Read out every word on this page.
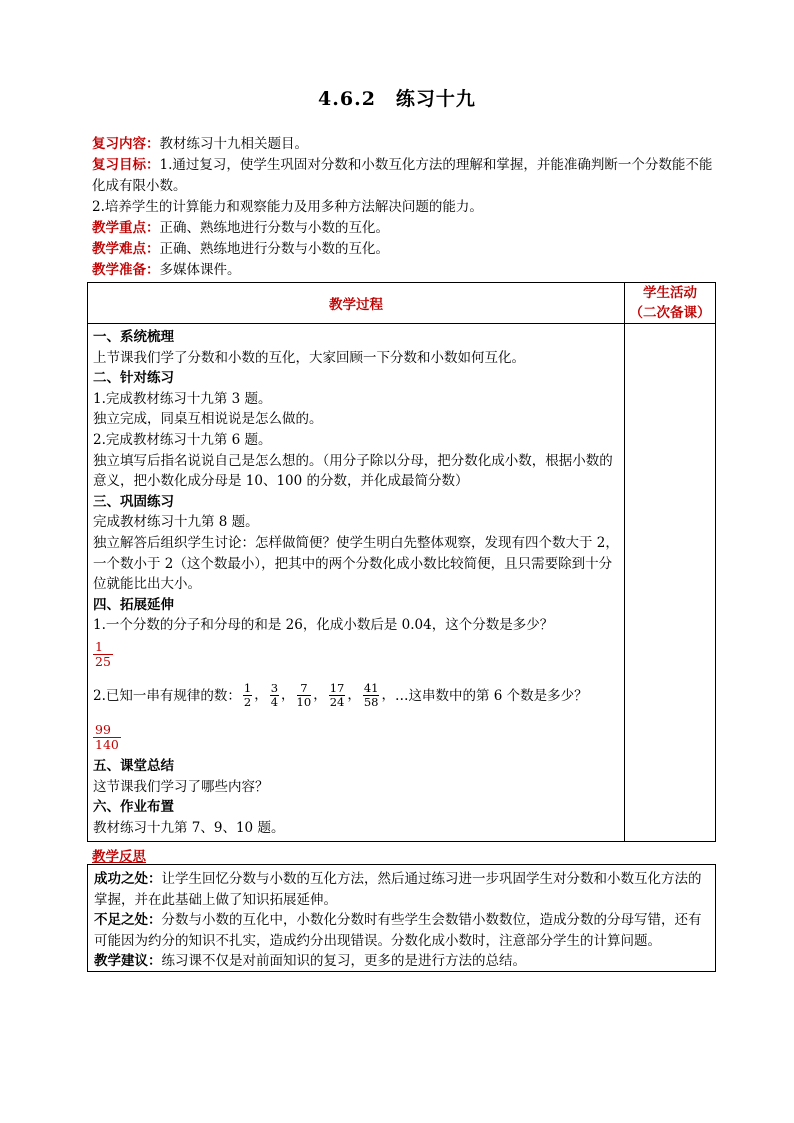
4.6.2　练习十九
复习内容：教材练习十九相关题目。
复习目标：1.通过复习，使学生巩固对分数和小数互化方法的理解和掌握，并能准确判断一个分数能不能化成有限小数。
2.培养学生的计算能力和观察能力及用多种方法解决问题的能力。
教学重点：正确、熟练地进行分数与小数的互化。
教学难点：正确、熟练地进行分数与小数的互化。
教学准备：多媒体课件。
教学过程
学生活动
（二次备课）

一、系统梳理

上节课我们学了分数和小数的互化，大家回顾一下分数和小数如何互化。

二、针对练习

1.完成教材练习十九第 3 题。

独立完成，同桌互相说说是怎么做的。

2.完成教材练习十九第 6 题。

独立填写后指名说说自己是怎么想的。（用分子除以分母，把分数化成小数，根据小数的意义，把小数化成分母是 10、100 的分数，并化成最简分数）

三、巩固练习

完成教材练习十九第 8 题。

独立解答后组织学生讨论：怎样做简便？使学生明白先整体观察，发现有四个数大于 2，一个数小于 2（这个数最小），把其中的两个分数化成小数比较简便，且只需要除到十分位就能比出大小。

四、拓展延伸

1.一个分数的分子和分母的和是 26，化成小数后是 0.04，这个分数是多少？

$\frac{1}{25}$
2.已知一串有规律的数： $\frac{1}{2}$ ， $\frac{3}{4}$ ， $\frac{7}{10}$ ， $\frac{17}{24}$ ， $\frac{41}{58}$ ， …这串数中的第 6 个数是多少？
$\frac{99}{140}$

五、课堂总结

这节课我们学习了哪些内容？

六、作业布置

教材练习十九第 7、9、10 题。

教学反思

成功之处：让学生回忆分数与小数的互化方法，然后通过练习进一步巩固学生对分数和小数互化方法的掌握，并在此基础上做了知识拓展延伸。

不足之处：分数与小数的互化中，小数化分数时有些学生会数错小数数位，造成分数的分母写错，还有可能因为约分的知识不扎实，造成约分出现错误。分数化成小数时，注意部分学生的计算问题。

教学建议：练习课不仅是对前面知识的复习，更多的是进行方法的总结。
